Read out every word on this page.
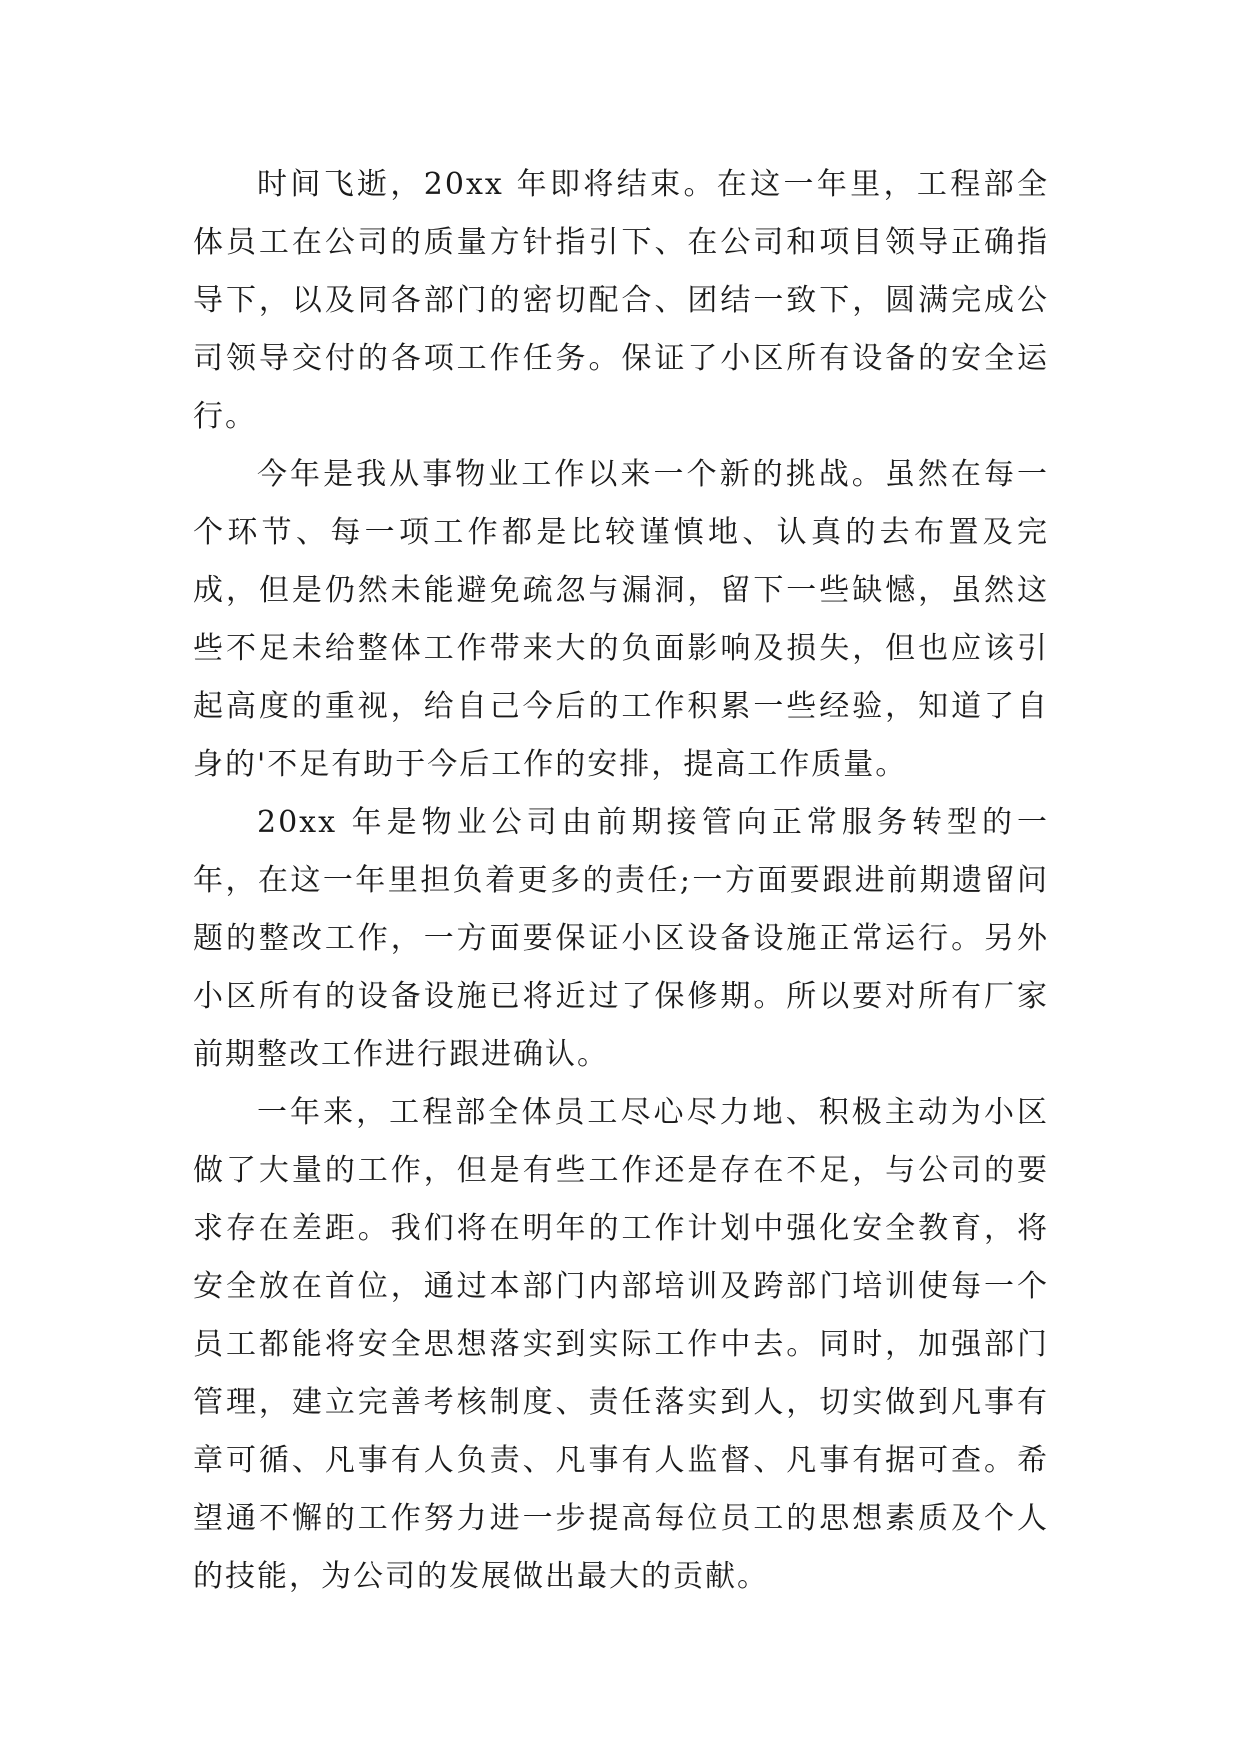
时间飞逝，20xx 年即将结束。在这一年里，工程部全体员工在公司的质量方针指引下、在公司和项目领导正确指导下，以及同各部门的密切配合、团结一致下，圆满完成公司领导交付的各项工作任务。保证了小区所有设备的安全运行。

今年是我从事物业工作以来一个新的挑战。虽然在每一个环节、每一项工作都是比较谨慎地、认真的去布置及完成，但是仍然未能避免疏忽与漏洞，留下一些缺憾，虽然这些不足未给整体工作带来大的负面影响及损失，但也应该引起高度的重视，给自己今后的工作积累一些经验，知道了自身的'不足有助于今后工作的安排，提高工作质量。

20xx 年是物业公司由前期接管向正常服务转型的一年，在这一年里担负着更多的责任;一方面要跟进前期遗留问题的整改工作，一方面要保证小区设备设施正常运行。另外小区所有的设备设施已将近过了保修期。所以要对所有厂家前期整改工作进行跟进确认。

一年来，工程部全体员工尽心尽力地、积极主动为小区做了大量的工作，但是有些工作还是存在不足，与公司的要求存在差距。我们将在明年的工作计划中强化安全教育，将安全放在首位，通过本部门内部培训及跨部门培训使每一个员工都能将安全思想落实到实际工作中去。同时，加强部门管理，建立完善考核制度、责任落实到人，切实做到凡事有章可循、凡事有人负责、凡事有人监督、凡事有据可查。希望通不懈的工作努力进一步提高每位员工的思想素质及个人的技能，为公司的发展做出最大的贡献。
